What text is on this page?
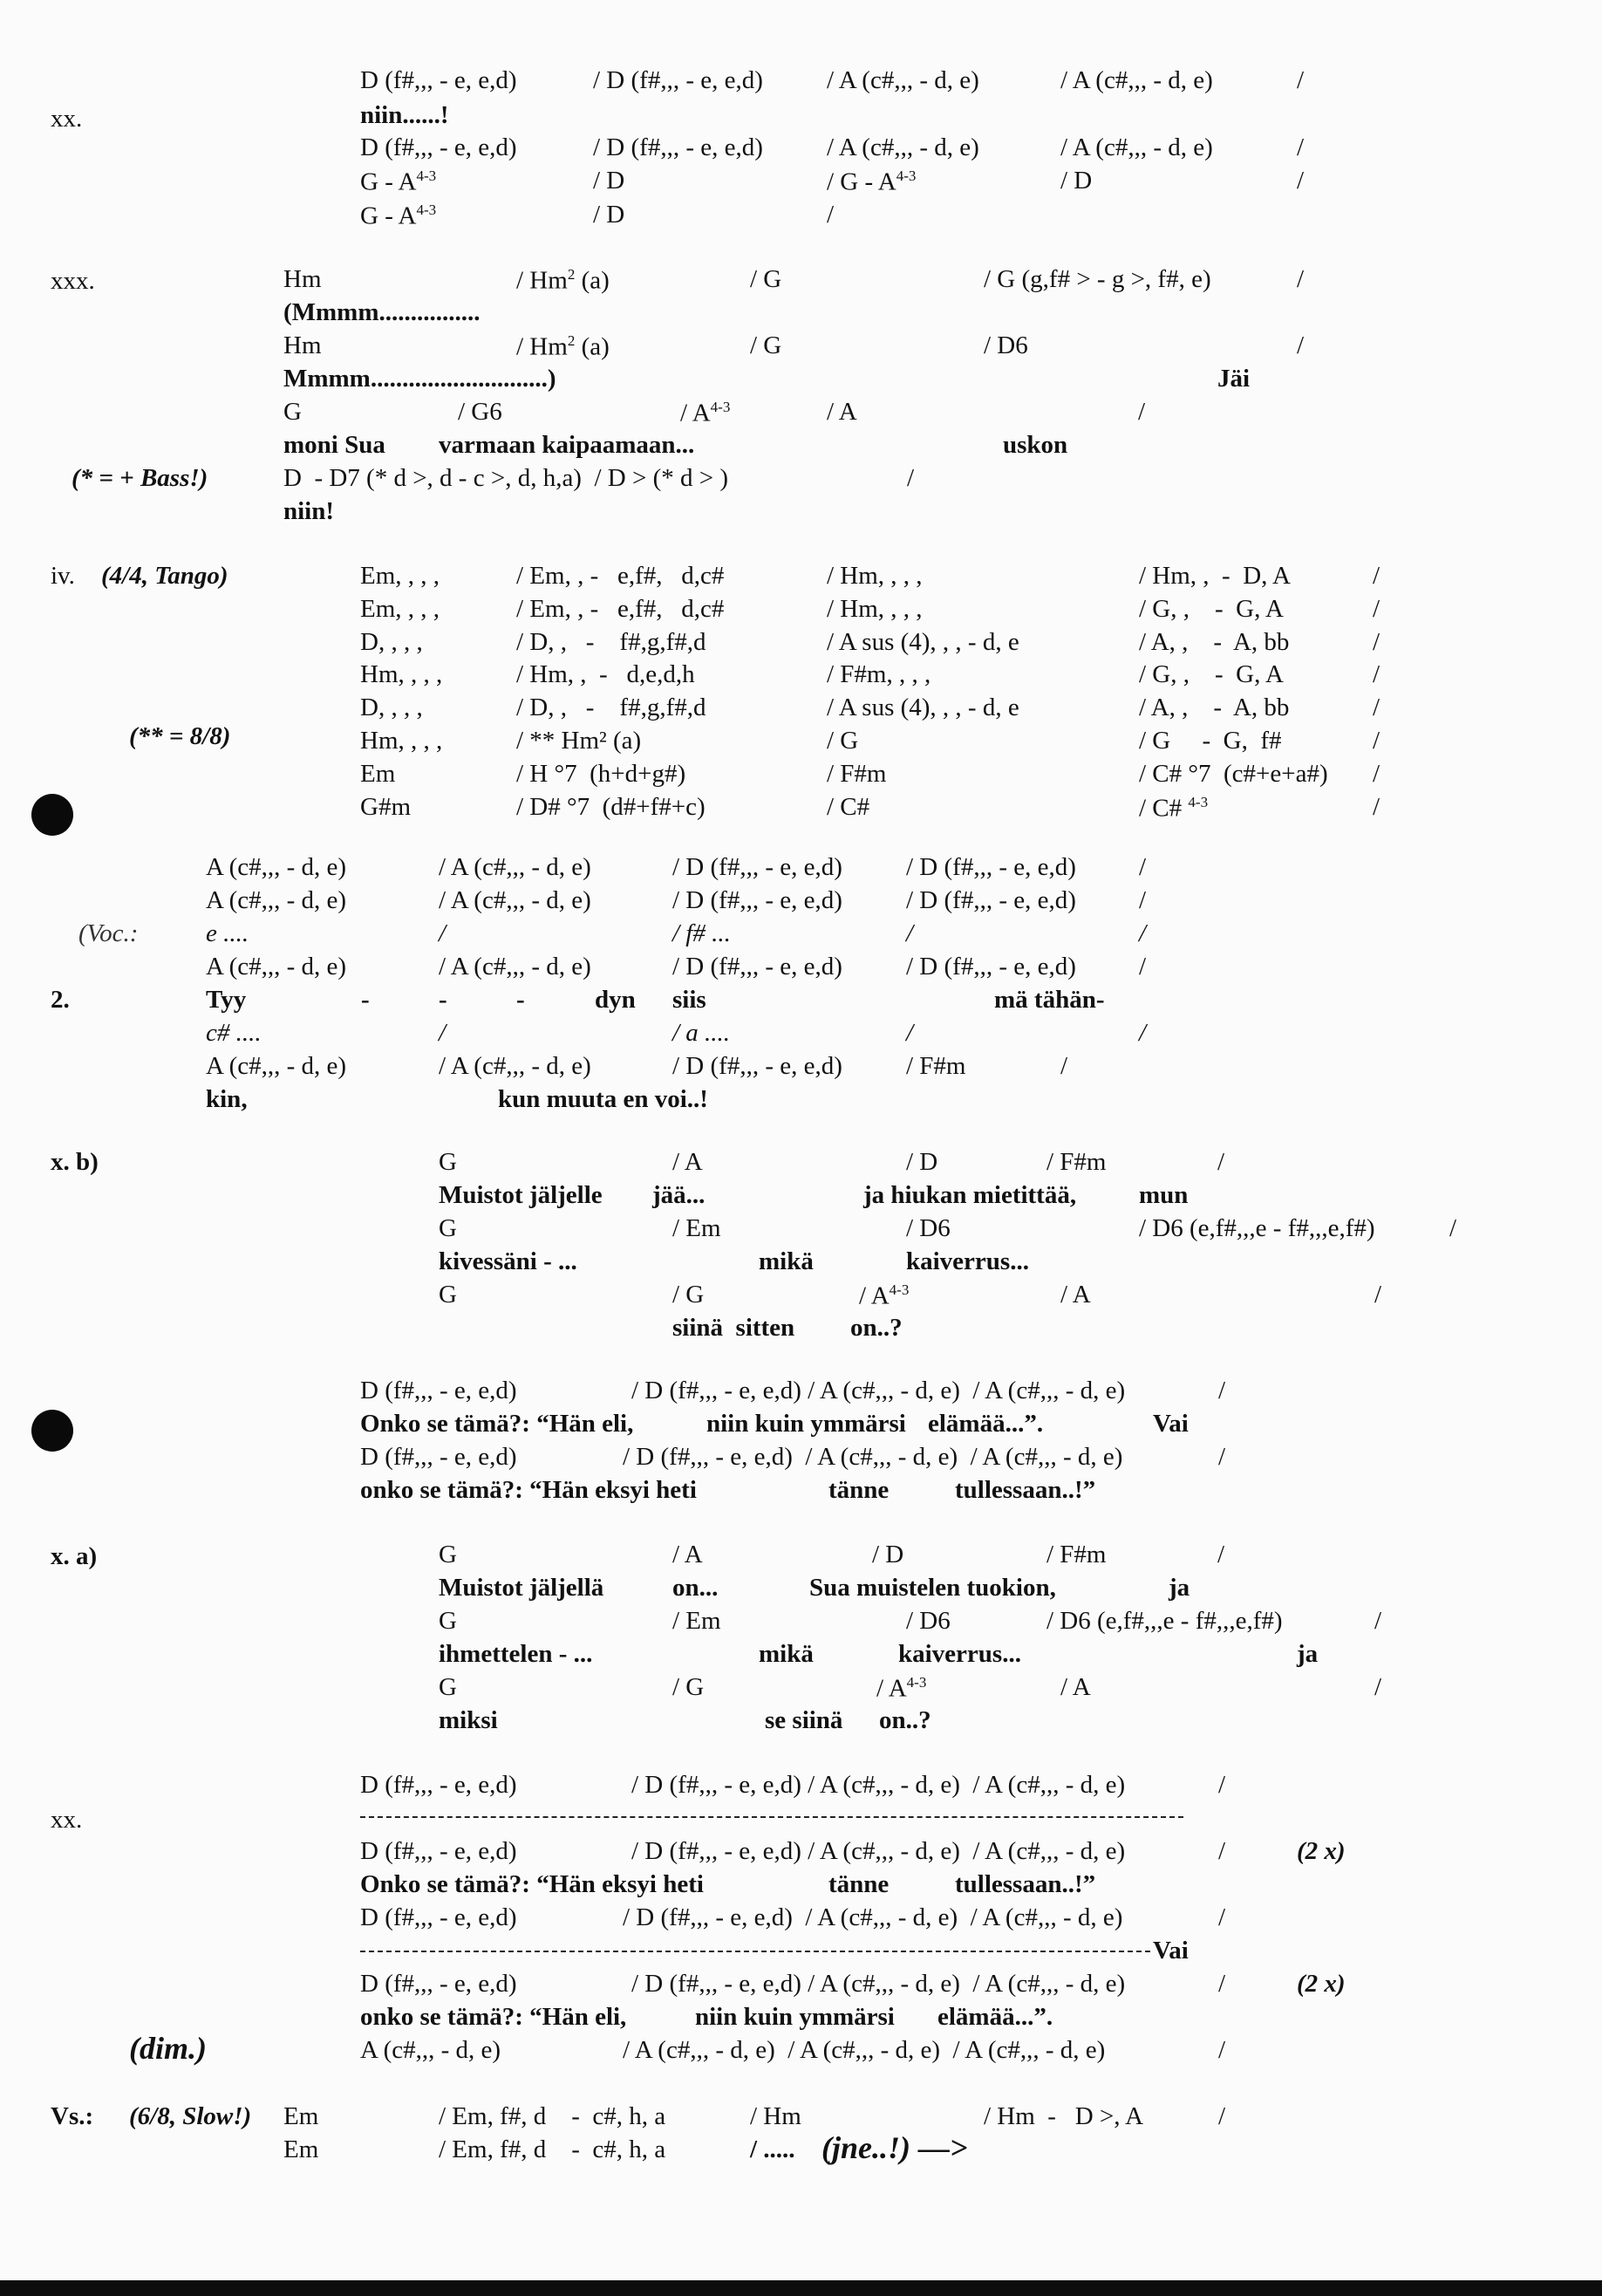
D (f#,,, - e, e,d)	/ D (f#,,, - e, e,d)	/ A (c#,,, - d, e)	/ A (c#,,, - d, e)	/
xx.	niin......!
D (f#,,, - e, e,d)	/ D (f#,,, - e, e,d)	/ A (c#,,, - d, e)	/ A (c#,,, - d, e)	/
G - $A^{4-3}$	/ D	/ G - $A^{4-3}$	/ D	/
G - $A^{4-3}$	/ D	/
xxx.	Hm	/ Hm$^2$ (a)	/ G	/ G (g,f# > - g >, f#, e)	/
(Mmmm................
Hm	/ Hm$^2$ (a)	/ G	/ D6	/
Mmmm............................)	Jäi
G	/ G6	/ $A^{4-3}$	/ A	/
moni Sua varmaan kaipaamaan...	uskon
(* = + Bass!)	D  - D7 (* d >, d - c >, d, h,a)  / D > (* d > )	/
niin!
iv. (4/4, Tango)
(** = 8/8)
Em, , , ,	/ Em, , -   e,f#,   d,c#	/ Hm, , , ,	/ Hm, ,  -  D, A	/
Em, , , ,	/ Em, , -   e,f#,   d,c#	/ Hm, , , ,	/ G, ,    -  G, A	/
D, , , ,	/ D, ,   -    f#,g,f#,d	/ A sus (4), , , - d, e	/ A, ,    -  A, bb	/
Hm, , , ,	/ Hm, ,  -   d,e,d,h	/ F#m, , , ,	/ G, ,    -  G, A	/
D, , , ,	/ D, ,   -    f#,g,f#,d	/ A sus (4), , , - d, e	/ A, ,    -  A, bb	/
Hm, , , ,	/ ** Hm² (a)	/ G	/ G     -  G,  f#	/
Em	/ H °7  (h+d+g#)	/ F#m	/ C# °7  (c#+e+a#) /
G#m	/ D# °7  (d#+f#+c)	/ C#	/ C# $^{4-3}$	/
A (c#,,, - d, e)	/ A (c#,,, - d, e)	/ D (f#,,, - e, e,d)	/ D (f#,,, - e, e,d) /
A (c#,,, - d, e)	/ A (c#,,, - d, e)	/ D (f#,,, - e, e,d)	/ D (f#,,, - e, e,d) /
(Voc.:	e ....	/	/ f# ...	/	/
A (c#,,, - d, e)	/ A (c#,,, - d, e)	/ D (f#,,, - e, e,d)	/ D (f#,,, - e, e,d) /
2.	Tyy	-	-	-	dyn siis	mä tähän-
c# ....	/	/ a ....	/	/
A (c#,,, - d, e)	/ A (c#,,, - d, e)	/ D (f#,,, - e, e,d)	/ F#m	/
kin,	kun muuta en voi..!
x. b)	G	/ A	/ D	/ F#m	/
Muistot jäljelle jää...	ja hiukan mietittää, mun
G	/ Em	/ D6	/ D6 (e,f#,,,e - f#,,,e,f#)	/
kivessäni - ...	mikä	kaiverrus...
G	/ G	/ $A^{4-3}$	/ A	/
siinä  sitten on..?
D (f#,,, - e, e,d)	/ D (f#,,, - e, e,d) / A (c#,,, - d, e)  / A (c#,,, - d, e)	/
Onko se tämä?: “Hän eli,	niin kuin ymmärsi elämää...”.	Vai
D (f#,,, - e, e,d)	/ D (f#,,, - e, e,d)  / A (c#,,, - d, e)  / A (c#,,, - d, e)	/
onko se tämä?: “Hän eksyi heti	tänne	tullessaan..!”
x. a)	G	/ A	/ D	/ F#m	/
Muistot jäljellä	on...	Sua muistelen tuokion,	ja
G	/ Em	/ D6	/ D6 (e,f#,,,e - f#,,,e,f#)	/
ihmettelen - ...	mikä	kaiverrus...	ja
G	/ G	/ $A^{4-3}$	/ A	/
miksi	se siinä on..?
D (f#,,, - e, e,d)	/ D (f#,,, - e, e,d) / A (c#,,, - d, e)  / A (c#,,, - d, e)	/
xx.
D (f#,,, - e, e,d)	/ D (f#,,, - e, e,d) / A (c#,,, - d, e)  / A (c#,,, - d, e)	/	(2 x)
Onko se tämä?: “Hän eksyi heti	tänne	tullessaan..!”
D (f#,,, - e, e,d)	/ D (f#,,, - e, e,d)  / A (c#,,, - d, e)  / A (c#,,, - d, e)	/
Vai
D (f#,,, - e, e,d)	/ D (f#,,, - e, e,d) / A (c#,,, - d, e)  / A (c#,,, - d, e)	/	(2 x)
onko se tämä?: “Hän eli,	niin kuin ymmärsi elämää...”.
(dim.)	A (c#,,, - d, e)	/ A (c#,,, - d, e)  / A (c#,,, - d, e)  / A (c#,,, - d, e)	/
Vs.: (6/8, Slow!) Em	/ Em, f#, d    -  c#, h, a	/ Hm	/ Hm  -   D >, A	/
Em	/ Em, f#, d    -  c#, h, a	/ ..... (jne..!) —>
